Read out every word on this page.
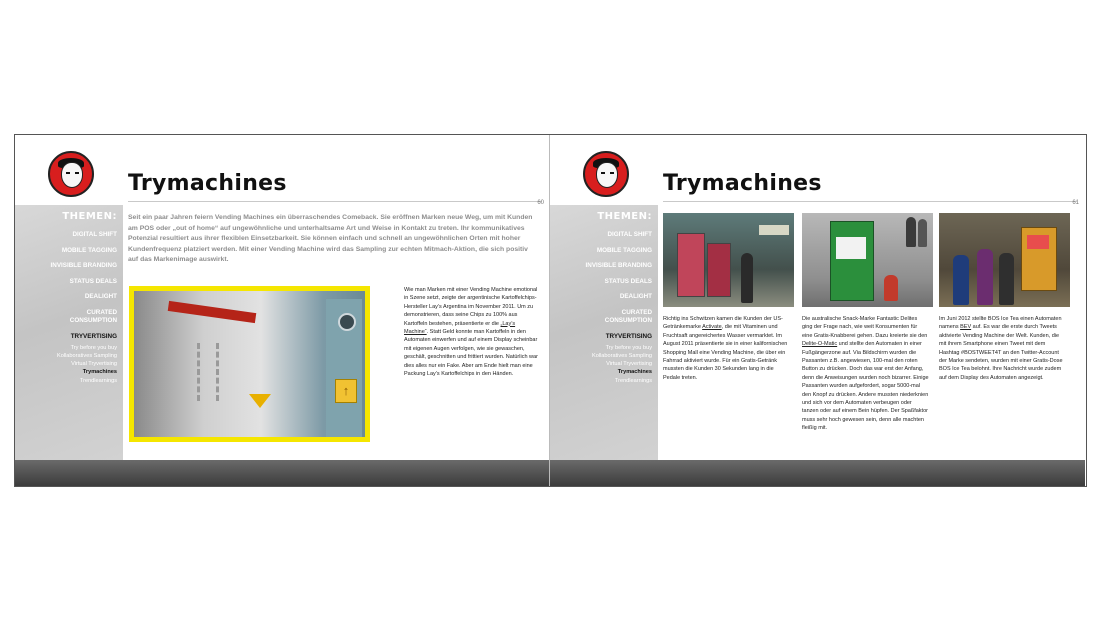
Trymachines
60
THEMEN:
DIGITAL SHIFT
MOBILE TAGGING
INVISIBLE BRANDING
STATUS DEALS
DEALIGHT
CURATED CONSUMPTION
TRYVERTISING
Try before you buy
Kollaboratives Sampling
Virtual Tryvertising
Trymachines
Trendlearnings

Seit ein paar Jahren feiern Vending Machines ein überraschendes Comeback. Sie eröffnen Marken neue Weg, um mit Kunden am POS oder „out of home“ auf ungewöhnliche und unterhaltsame Art und Weise in Kontakt zu treten. Ihr kommunikatives Potenzial resultiert aus ihrer flexiblen Einsetzbarkeit. Sie können einfach und schnell an ungewöhnlichen Orten mit hoher Kundenfrequenz platziert werden. Mit einer Vending Machine wird das Sampling zur echten Mitmach-Aktion, die sich positiv auf das Markenimage auswirkt.

↑

Wie man Marken mit einer Vending Machine emotional in Szene setzt, zeigte der argentinische Kartoffelchips-Hersteller Lay’s Argentina im November 2011. Um zu demonstrieren, dass seine Chips zu 100% aus Kartoffeln bestehen, präsentierte er die „Lay’s Machine“. Statt Geld konnte man Kartoffeln in den Automaten einwerfen und auf einem Display scheinbar mit eigenen Augen verfolgen, wie sie gewaschen, geschält, geschnitten und frittiert wurden. Natürlich war dies alles nur ein Fake. Aber am Ende hielt man eine Packung Lay’s Kartoffelchips in den Händen.

Trymachines
61
THEMEN:
DIGITAL SHIFT
MOBILE TAGGING
INVISIBLE BRANDING
STATUS DEALS
DEALIGHT
CURATED CONSUMPTION
TRYVERTISING
Try before you buy
Kollaboratives Sampling
Virtual Tryvertising
Trymachines
Trendlearnings

Richtig ins Schwitzen kamen die Kunden der US-Getränkemarke Activate, die mit Vitaminen und Fruchtsaft angereichertes Wasser vermarktet. Im August 2011 präsentierte sie in einer kalifornischen Shopping Mall eine Vending Machine, die über ein Fahrrad aktiviert wurde. Für ein Gratis-Getränk mussten die Kunden 30 Sekunden lang in die Pedale treten.

Die australische Snack-Marke Fantastic Delites ging der Frage nach, wie weit Konsumenten für eine Gratis-Knabberei gehen. Dazu kreierte sie den Delite-O-Matic und stellte den Automaten in einer Fußgängerzone auf. Via Bildschirm wurden die Passanten z.B. angewiesen, 100-mal den roten Button zu drücken. Doch das war erst der Anfang, denn die Anweisungen wurden noch bizarrer. Einige Passanten wurden aufgefordert, sogar 5000-mal den Knopf zu drücken. Andere mussten niederknien und sich vor dem Automaten verbeugen oder tanzen oder auf einem Bein hüpfen. Der Spaßfaktor muss sehr hoch gewesen sein, denn alle machten fleißig mit.

Im Juni 2012 stellte BOS Ice Tea einen Automaten namens BEV auf. Es war die erste durch Tweets aktivierte Vending Machine der Welt. Kunden, die mit ihrem Smartphone einen Tweet mit dem Hashtag #BOSTWEET4T an den Twitter-Account der Marke sendeten, wurden mit einer Gratis-Dose BOS Ice Tea belohnt. Ihre Nachricht wurde zudem auf dem Display des Automaten angezeigt.
